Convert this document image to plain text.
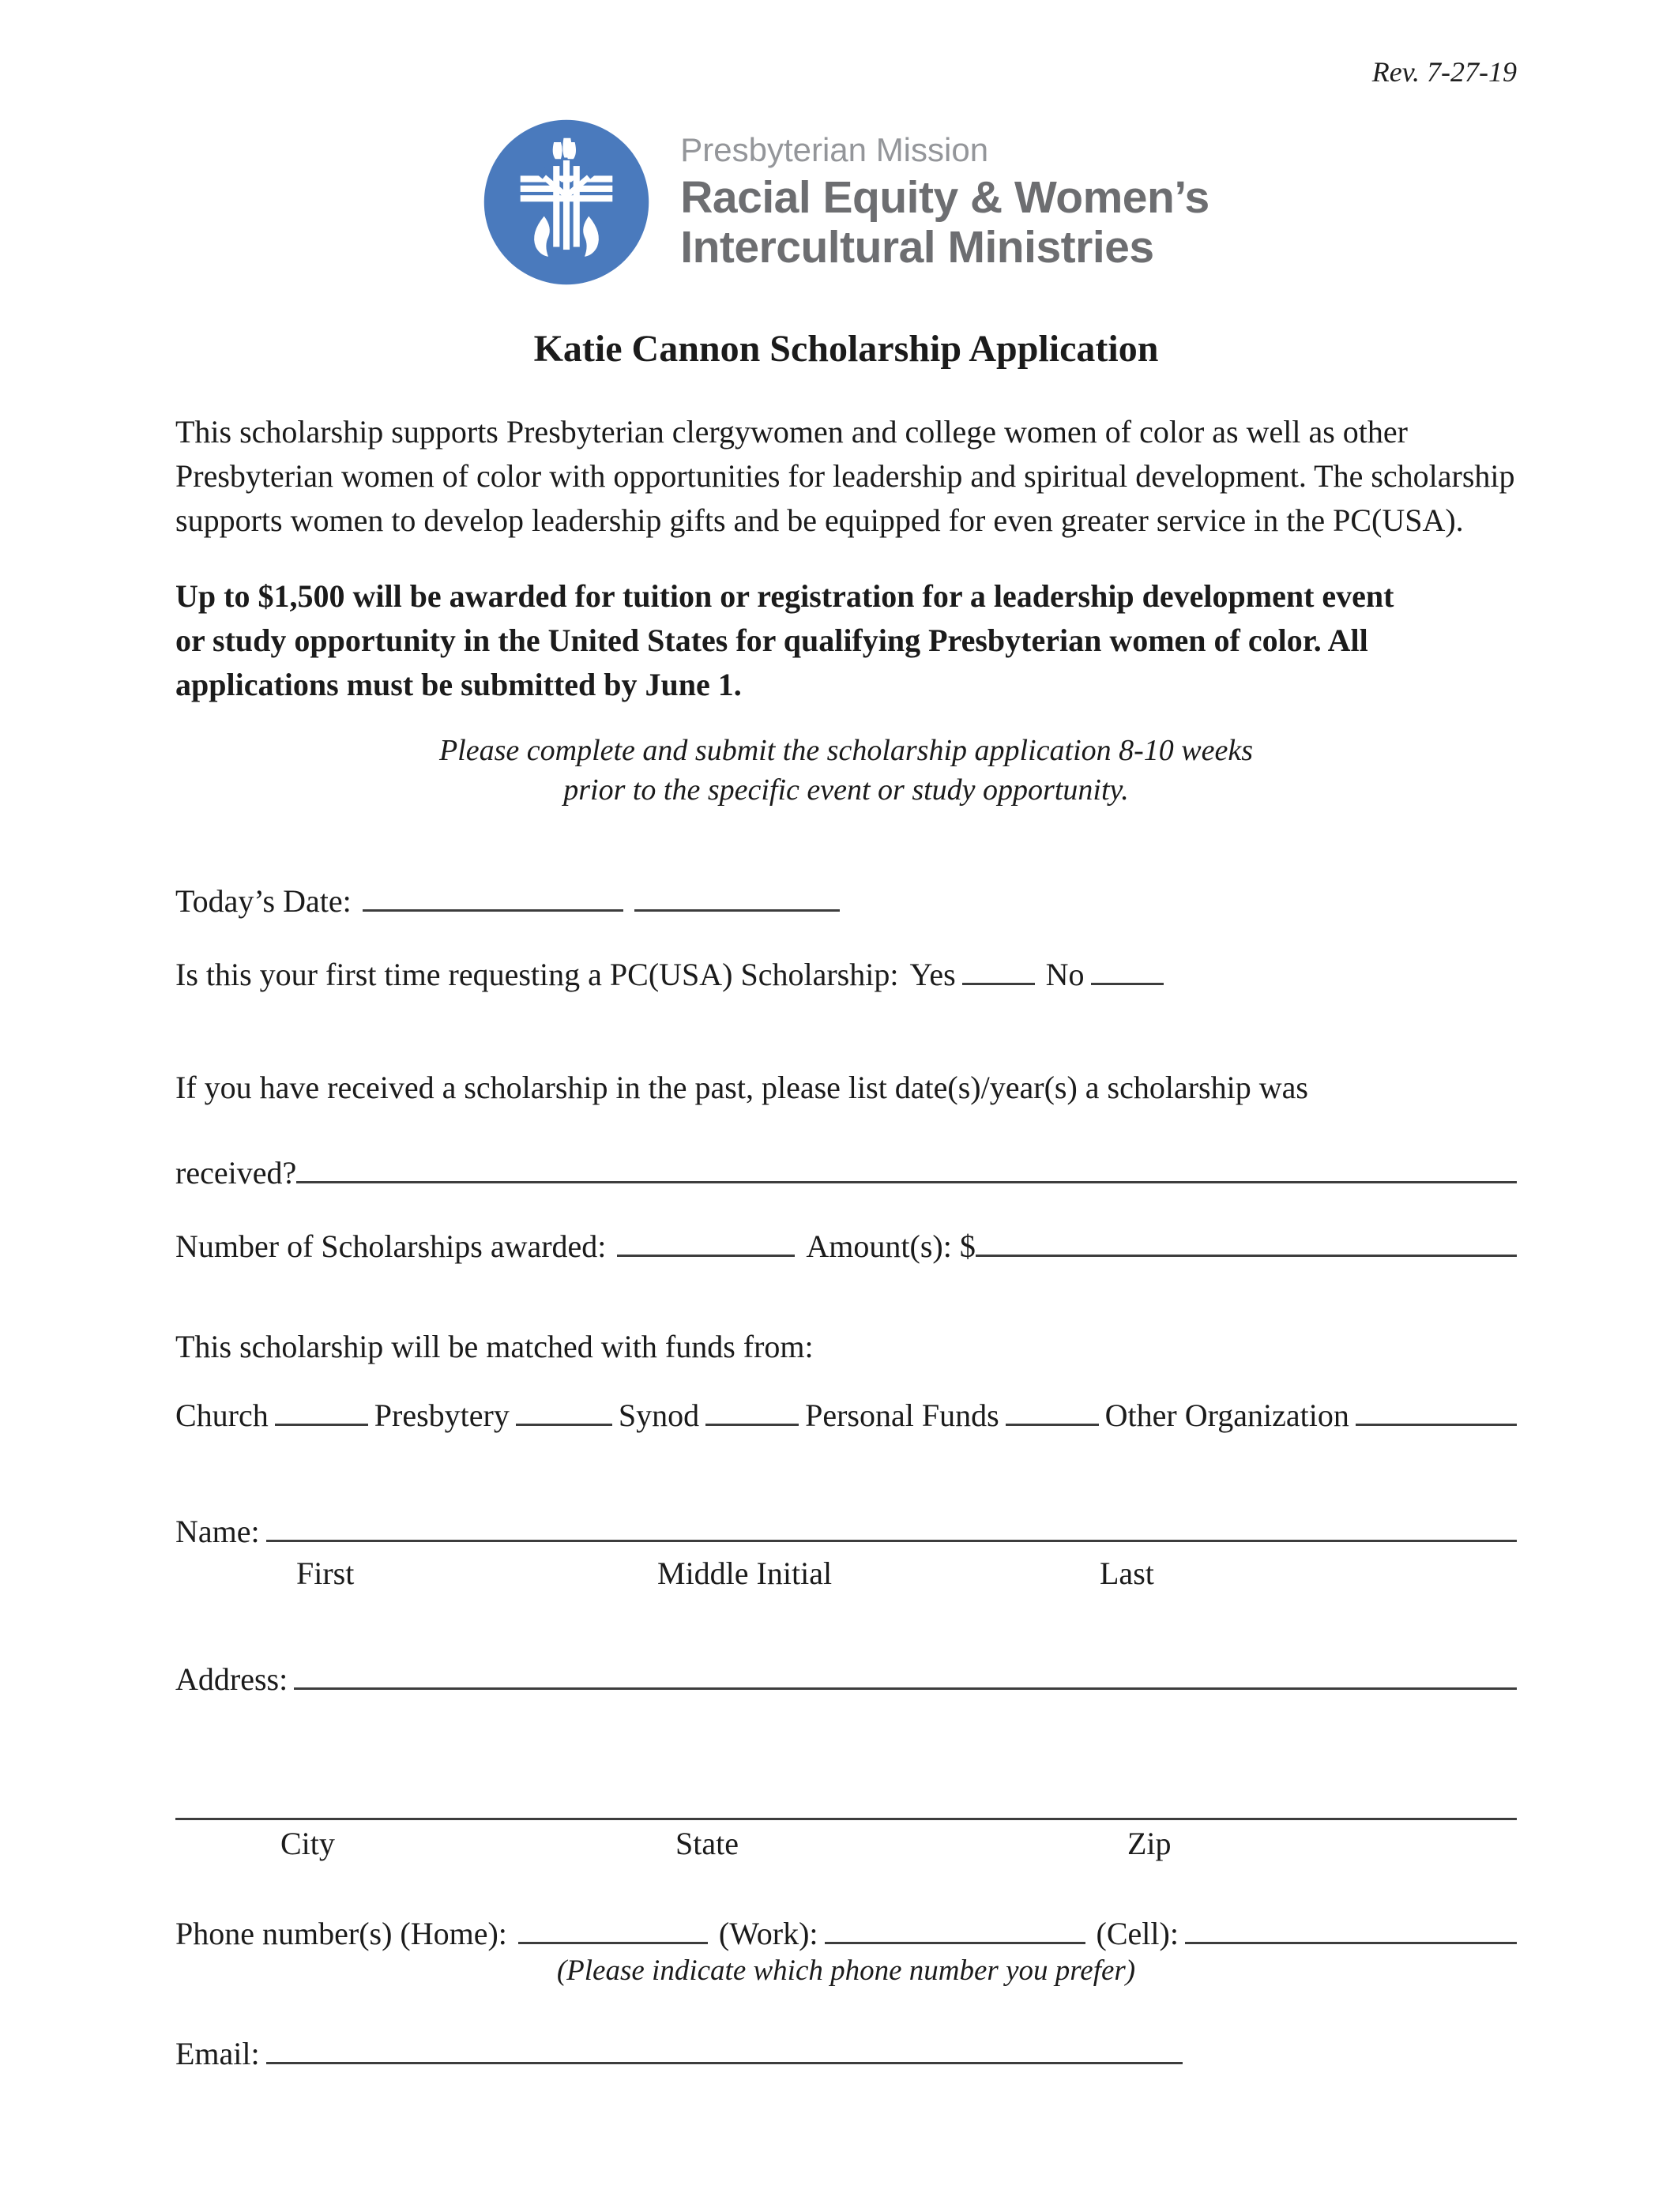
Rev. 7-27-19
Presbyterian Mission
Racial Equity & Women’s
Intercultural Ministries
Katie Cannon Scholarship Application
This scholarship supports Presbyterian clergywomen and college women of color as well as other Presbyterian women of color with opportunities for leadership and spiritual development. The scholarship supports women to develop leadership gifts and be equipped for even greater service in the PC(USA).
Up to $1,500 will be awarded for tuition or registration for a leadership development event or study opportunity in the United States for qualifying Presbyterian women of color. All applications must be submitted by June 1.
Please complete and submit the scholarship application 8-10 weeks
prior to the specific event or study opportunity.
Today’s Date:
Is this your first time requesting a PC(USA) Scholarship: Yes	No
If you have received a scholarship in the past, please list date(s)/year(s) a scholarship was
received?
Number of Scholarships awarded:	Amount(s): $
This scholarship will be matched with funds from:
Church	Presbytery	Synod	Personal Funds	Other Organization
Name:
First	Middle Initial	Last
Address:
City	State	Zip
Phone number(s) (Home):	(Work):	(Cell):
(Please indicate which phone number you prefer)
Email:
